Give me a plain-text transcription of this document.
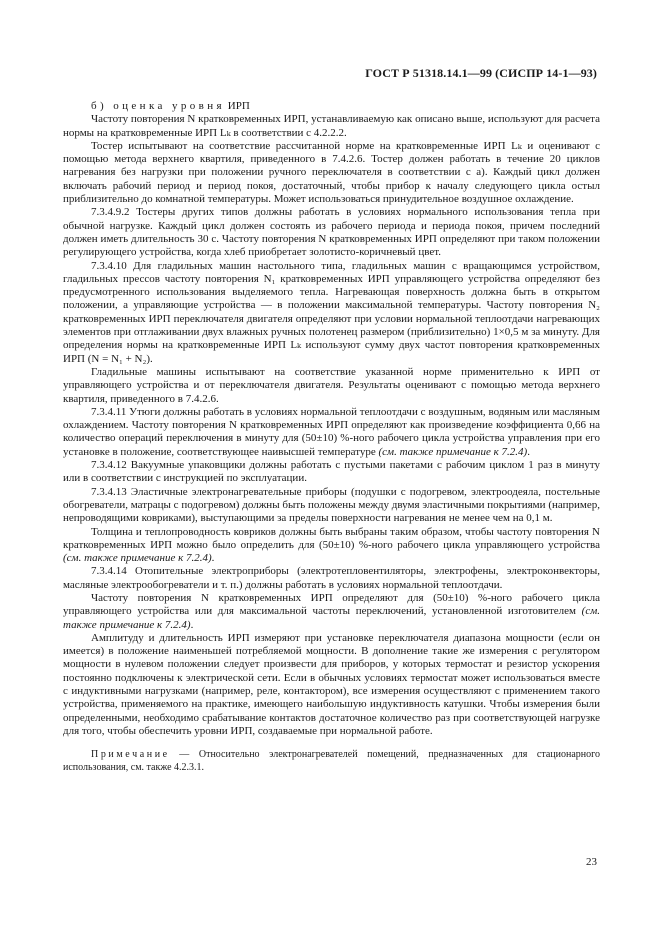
ГОСТ Р 51318.14.1—99 (СИСПР 14-1—93)

б) оценка уровня ИРП

Частоту повторения N кратковременных ИРП, устанавливаемую как описано выше, используют для расчета нормы на кратковременные ИРП Lₖ в соответствии с 4.2.2.2.

Тостер испытывают на соответствие рассчитанной норме на кратковременные ИРП Lₖ и оценивают с помощью метода верхнего квартиля, приведенного в 7.4.2.6. Тостер должен работать в течение 20 циклов нагревания без нагрузки при положении ручного переключателя в соответствии с а). Каждый цикл должен включать рабочий период и период покоя, достаточный, чтобы прибор к началу следующего цикла остыл приблизительно до комнатной температуры. Может использоваться принудительное воздушное охлаждение.

7.3.4.9.2 Тостеры других типов должны работать в условиях нормального использования тепла при обычной нагрузке. Каждый цикл должен состоять из рабочего периода и периода покоя, причем последний должен иметь длительность 30 с. Частоту повторения N кратковременных ИРП определяют при таком положении регулирующего устройства, когда хлеб приобретает золотисто-коричневый цвет.

7.3.4.10 Для гладильных машин настольного типа, гладильных машин с вращающимся устройством, гладильных прессов частоту повторения N₁ кратковременных ИРП управляющего устройства определяют без предусмотренного использования выделяемого тепла. Нагревающая поверхность должна быть в открытом положении, а управляющие устройства — в положении максимальной температуры. Частоту повторения N₂ кратковременных ИРП переключателя двигателя определяют при условии нормальной теплоотдачи нагревающих элементов при отглаживании двух влажных ручных полотенец размером (приблизительно) 1×0,5 м за минуту. Для определения нормы на кратковременные ИРП Lₖ используют сумму двух частот повторения кратковременных ИРП (N = N₁ + N₂).

Гладильные машины испытывают на соответствие указанной норме применительно к ИРП от управляющего устройства и от переключателя двигателя. Результаты оценивают с помощью метода верхнего квартиля, приведенного в 7.4.2.6.

7.3.4.11 Утюги должны работать в условиях нормальной теплоотдачи с воздушным, водяным или масляным охлаждением. Частоту повторения N кратковременных ИРП определяют как произведение коэффициента 0,66 на количество операций переключения в минуту для (50±10) %-ного рабочего цикла устройства управления при его установке в положение, соответствующее наивысшей температуре (см. также примечание к 7.2.4).

7.3.4.12 Вакуумные упаковщики должны работать с пустыми пакетами с рабочим циклом 1 раз в минуту или в соответствии с инструкцией по эксплуатации.

7.3.4.13 Эластичные электронагревательные приборы (подушки с подогревом, электроодеяла, постельные обогреватели, матрацы с подогревом) должны быть положены между двумя эластичными покрытиями (например, непроводящими ковриками), выступающими за пределы поверхности нагревания не менее чем на 0,1 м.

Толщина и теплопроводность ковриков должны быть выбраны таким образом, чтобы частоту повторения N кратковременных ИРП можно было определить для (50±10) %-ного рабочего цикла управляющего устройства (см. также примечание к 7.2.4).

7.3.4.14 Отопительные электроприборы (электротепловентиляторы, электрофены, электроконвекторы, масляные электрообогреватели и т. п.) должны работать в условиях нормальной теплоотдачи.

Частоту повторения N кратковременных ИРП определяют для (50±10) %-ного рабочего цикла управляющего устройства или для максимальной частоты переключений, установленной изготовителем (см. также примечание к 7.2.4).

Амплитуду и длительность ИРП измеряют при установке переключателя диапазона мощности (если он имеется) в положение наименьшей потребляемой мощности. В дополнение такие же измерения с регулятором мощности в нулевом положении следует произвести для приборов, у которых термостат и резистор ускорения постоянно подключены к электрической сети. Если в обычных условиях термостат может использоваться вместе с индуктивными нагрузками (например, реле, контактором), все измерения осуществляют с применением такого устройства, применяемого на практике, имеющего наибольшую индуктивность катушки. Чтобы измерения были определенными, необходимо срабатывание контактов достаточное количество раз при соответствующей нагрузке для того, чтобы обеспечить уровни ИРП, создаваемые при нормальной работе.

Примечание — Относительно электронагревателей помещений, предназначенных для стационарного использования, см. также 4.2.3.1.

23
